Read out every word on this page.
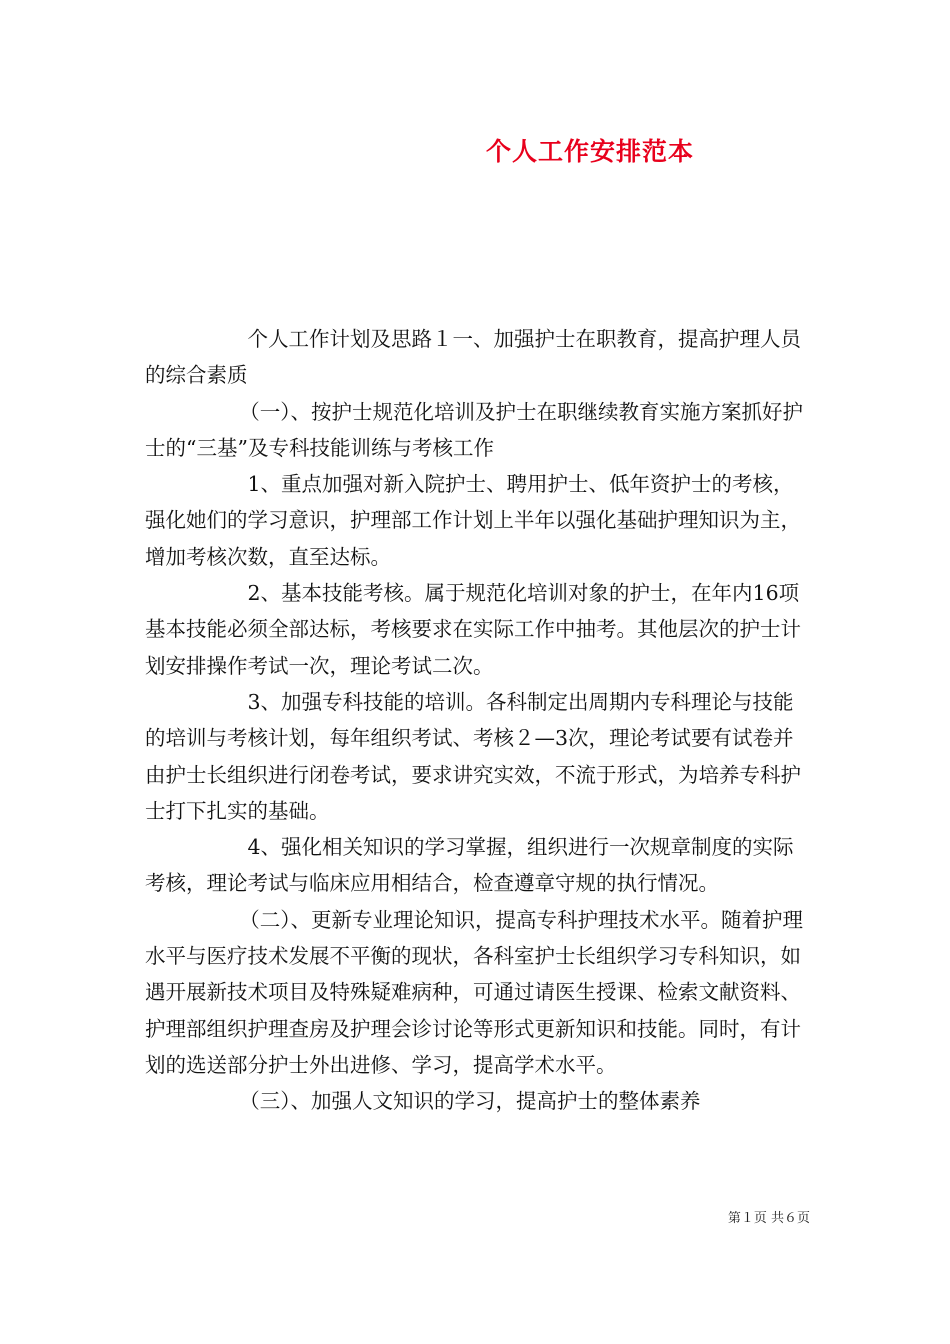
个人工作安排范本

个人工作计划及思路１一、加强护士在职教育，提高护理人员的综合素质

（一）、按护士规范化培训及护士在职继续教育实施方案抓好护士的“三基”及专科技能训练与考核工作

1、重点加强对新入院护士、聘用护士、低年资护士的考核，强化她们的学习意识，护理部工作计划上半年以强化基础护理知识为主，增加考核次数，直至达标。

2、基本技能考核。属于规范化培训对象的护士，在年内16项基本技能必须全部达标，考核要求在实际工作中抽考。其他层次的护士计划安排操作考试一次，理论考试二次。

3、加强专科技能的培训。各科制定出周期内专科理论与技能的培训与考核计划，每年组织考试、考核２—3次，理论考试要有试卷并由护士长组织进行闭卷考试，要求讲究实效，不流于形式，为培养专科护士打下扎实的基础。

4、强化相关知识的学习掌握，组织进行一次规章制度的实际考核，理论考试与临床应用相结合，检查遵章守规的执行情况。

（二）、更新专业理论知识，提高专科护理技术水平。随着护理水平与医疗技术发展不平衡的现状，各科室护士长组织学习专科知识，如遇开展新技术项目及特殊疑难病种，可通过请医生授课、检索文献资料、护理部组织护理查房及护理会诊讨论等形式更新知识和技能。同时，有计划的选送部分护士外出进修、学习，提高学术水平。

（三）、加强人文知识的学习，提高护士的整体素养

第１页 共６页
